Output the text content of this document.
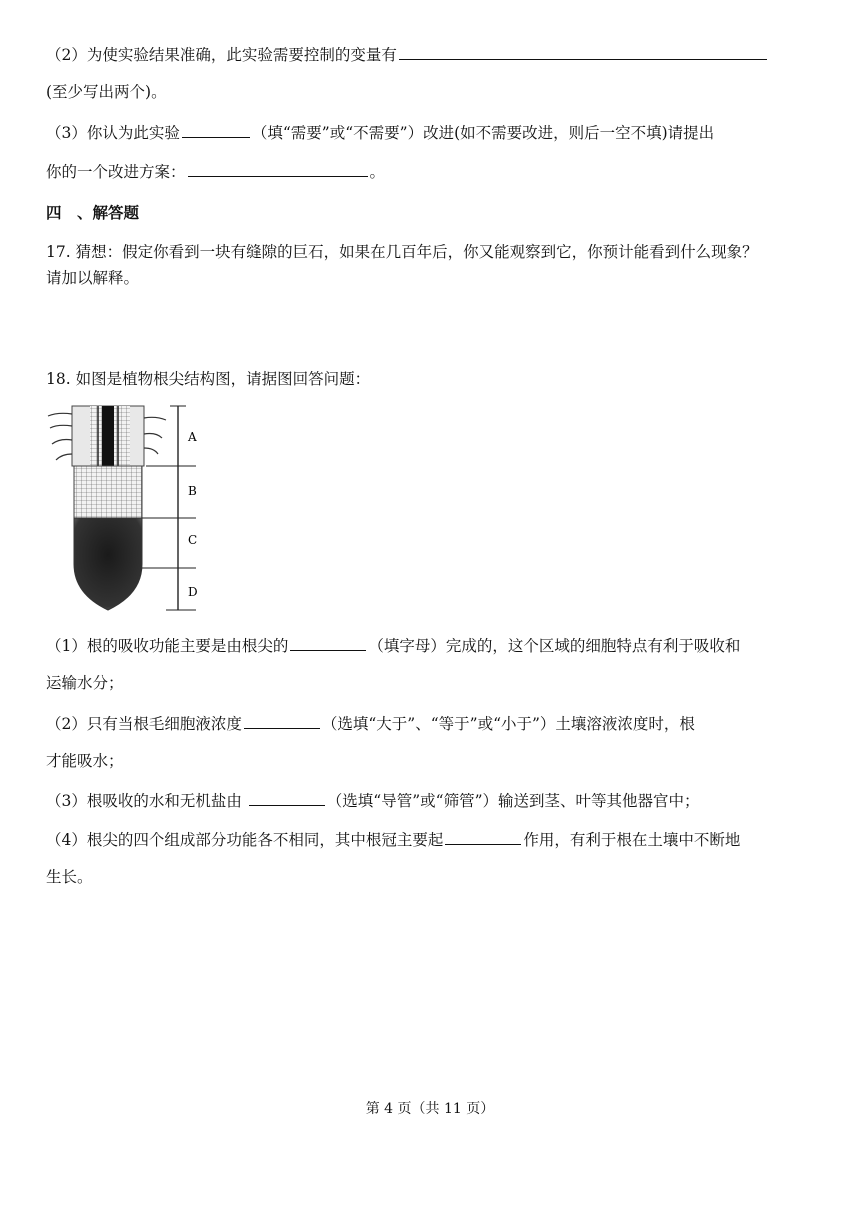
（2）为使实验结果准确，此实验需要控制的变量有
(至少写出两个)。
（3）你认为此实验	（填“需要”或“不需要”）改进(如不需要改进，则后一空不填)请提出
你的一个改进方案：	。
四　、解答题
17. 猜想：假定你看到一块有缝隙的巨石，如果在几百年后，你又能观察到它，你预计能看到什么现象？
请加以解释。
18. 如图是植物根尖结构图，请据图回答问题：
A
B
C
D
（1）根的吸收功能主要是由根尖的	（填字母）完成的，这个区域的细胞特点有利于吸收和
运输水分；
（2）只有当根毛细胞液浓度	（选填“大于”、“等于”或“小于”）土壤溶液浓度时，根
才能吸水；
（3）根吸收的水和无机盐由	（选填“导管”或“筛管”）输送到茎、叶等其他器官中；
（4）根尖的四个组成部分功能各不相同，其中根冠主要起	作用，有利于根在土壤中不断地
生长。
第 4 页（共 11 页）
